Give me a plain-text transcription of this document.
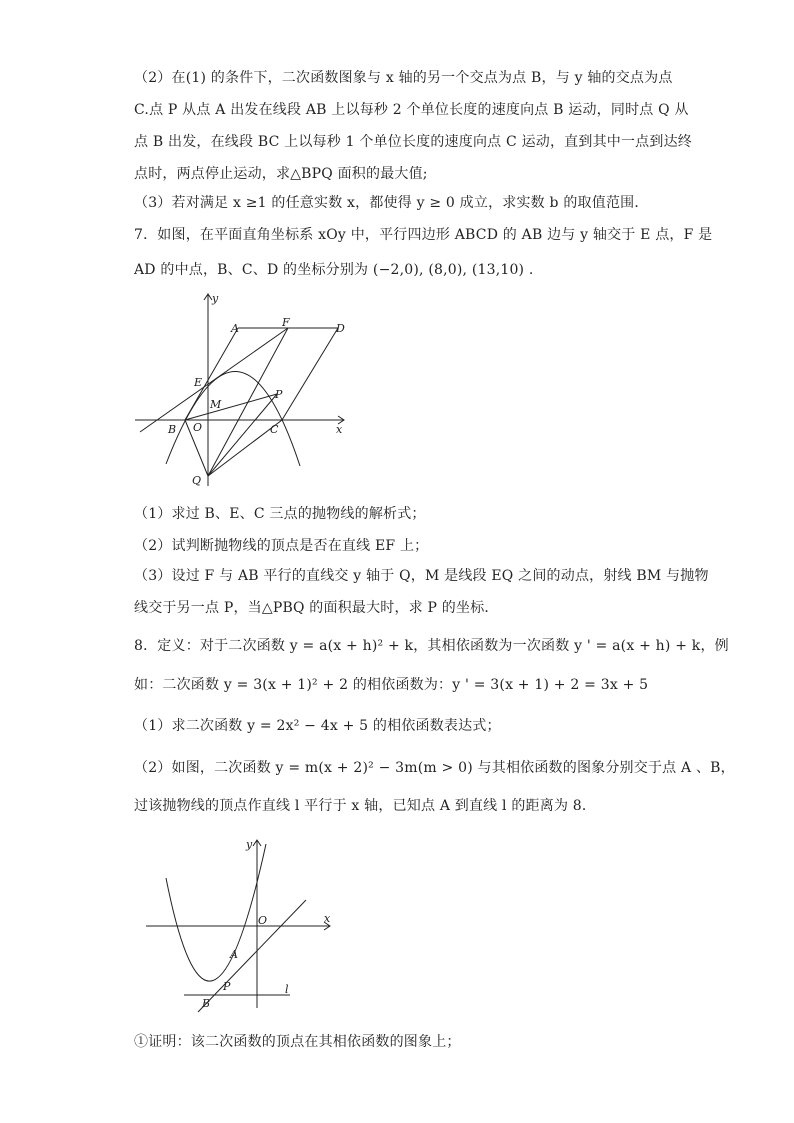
（2）在(1) 的条件下，二次函数图象与 x 轴的另一个交点为点 B，与 y 轴的交点为点
C.点 P 从点 A 出发在线段 AB 上以每秒 2 个单位长度的速度向点 B 运动，同时点 Q 从
点 B 出发，在线段 BC 上以每秒 1 个单位长度的速度向点 C 运动，直到其中一点到达终
点时，两点停止运动，求△BPQ 面积的最大值;
（3）若对满足 x ≥1 的任意实数 x，都使得 y ≥ 0 成立，求实数 b 的取值范围．
7．如图，在平面直角坐标系 xOy 中，平行四边形 ABCD 的 AB 边与 y 轴交于 E 点，F 是
AD 的中点，B、C、D 的坐标分别为 (−2,0), (8,0), (13,10) .
y
x
A	F	D
E
M
P
B O	C
Q
（1）求过 B、E、C 三点的抛物线的解析式；
（2）试判断抛物线的顶点是否在直线 EF 上；
（3）设过 F 与 AB 平行的直线交 y 轴于 Q，M 是线段 EQ 之间的动点，射线 BM 与抛物
线交于另一点 P，当△PBQ 的面积最大时，求 P 的坐标．
8．定义：对于二次函数 y = a(x + h)² + k，其相依函数为一次函数 y ' = a(x + h) + k，例
如：二次函数 y = 3(x + 1)² + 2 的相依函数为：y ' = 3(x + 1) + 2 = 3x + 5
（1）求二次函数 y = 2x² − 4x + 5 的相依函数表达式；
（2）如图，二次函数 y = m(x + 2)² − 3m(m > 0) 与其相依函数的图象分别交于点 A 、B，
过该抛物线的顶点作直线 l 平行于 x 轴，已知点 A 到直线 l 的距离为 8．
y
x
O
A
P
B
l
①证明：该二次函数的顶点在其相依函数的图象上；
